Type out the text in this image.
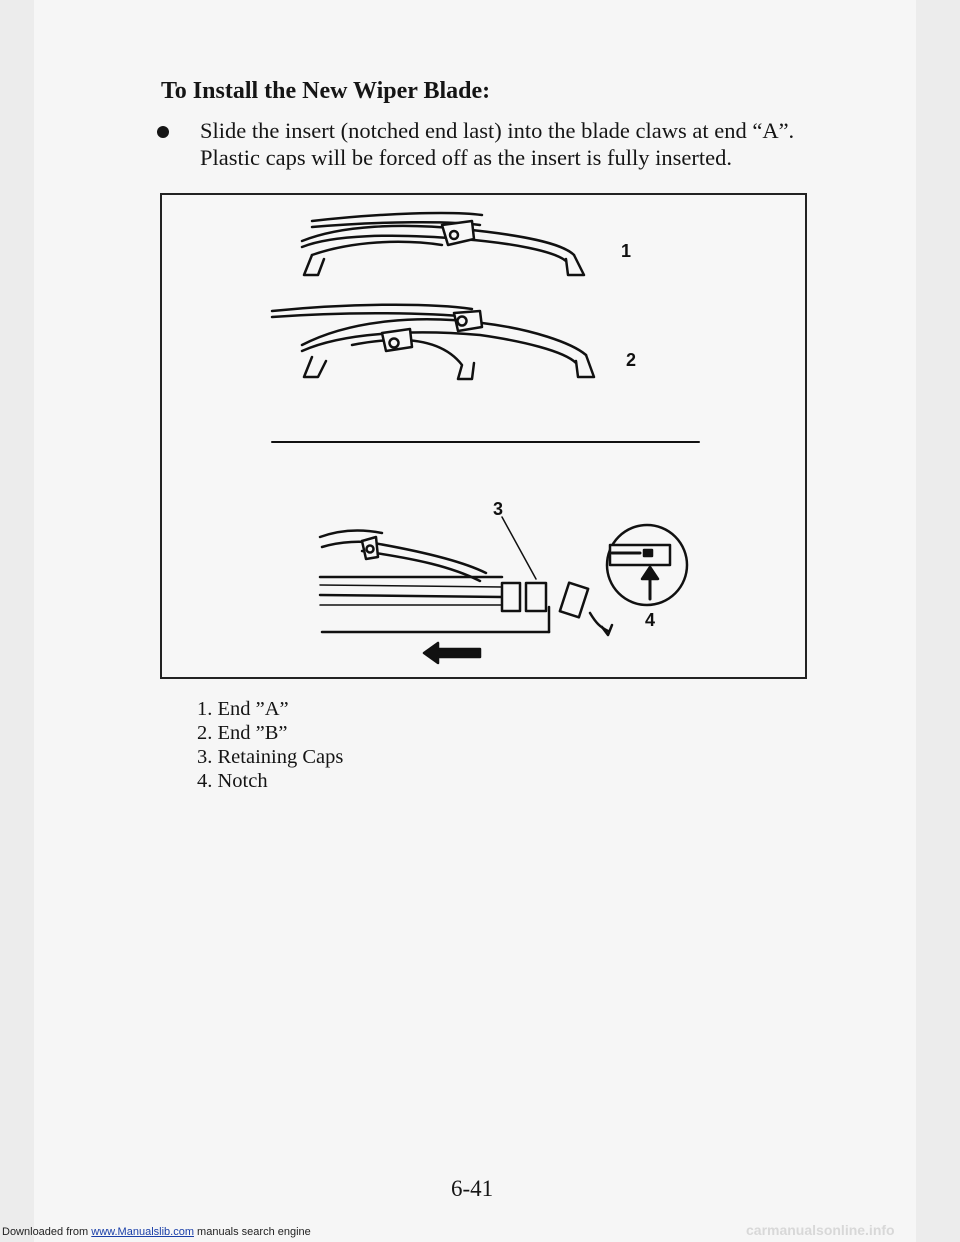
To Install the New Wiper Blade:
Slide the insert (notched end last) into the blade claws at end “A”. Plastic caps will be forced off as the insert is fully inserted.
1
2
3
4
1. End ”A”
2. End ”B”
3. Retaining Caps
4. Notch
6-41
Downloaded from www.Manualslib.com manuals search engine	carmanualsonline.info
